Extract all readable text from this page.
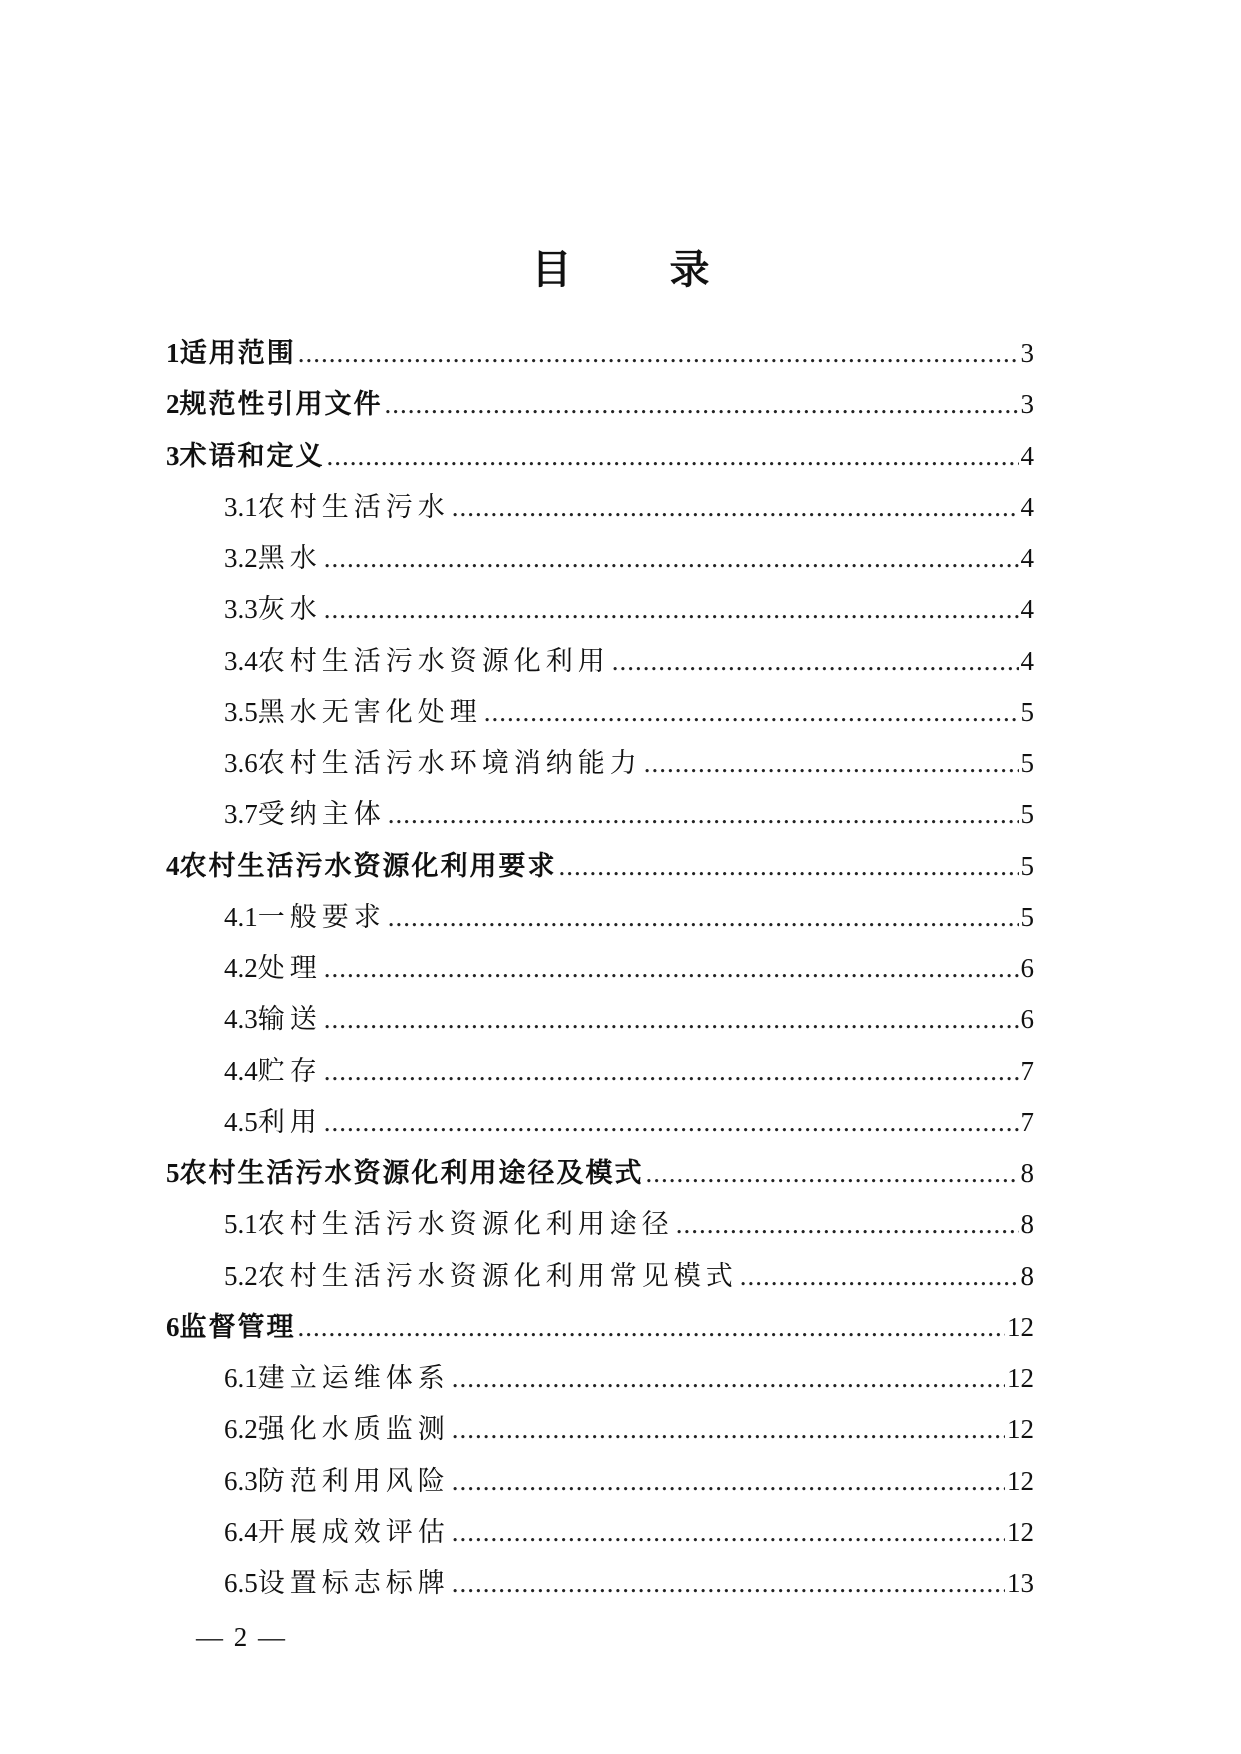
目 录
1 适用范围 .....	3
2 规范性引用文件 .....	3
3 术语和定义 .....	4
3.1 农村生活污水 .....	4
3.2 黑水 .....	4
3.3 灰水 .....	4
3.4 农村生活污水资源化利用 .....	4
3.5 黑水无害化处理 .....	5
3.6 农村生活污水环境消纳能力 .....	5
3.7 受纳主体 .....	5
4 农村生活污水资源化利用要求 .....	5
4.1 一般要求 .....	5
4.2 处理 .....	6
4.3 输送 .....	6
4.4 贮存 .....	7
4.5 利用 .....	7
5 农村生活污水资源化利用途径及模式 .....	8
5.1 农村生活污水资源化利用途径 .....	8
5.2 农村生活污水资源化利用常见模式 .....	8
6 监督管理 .....	12
6.1 建立运维体系 .....	12
6.2 强化水质监测 .....	12
6.3 防范利用风险 .....	12
6.4 开展成效评估 .....	12
6.5 设置标志标牌 .....	13
— 2 —
